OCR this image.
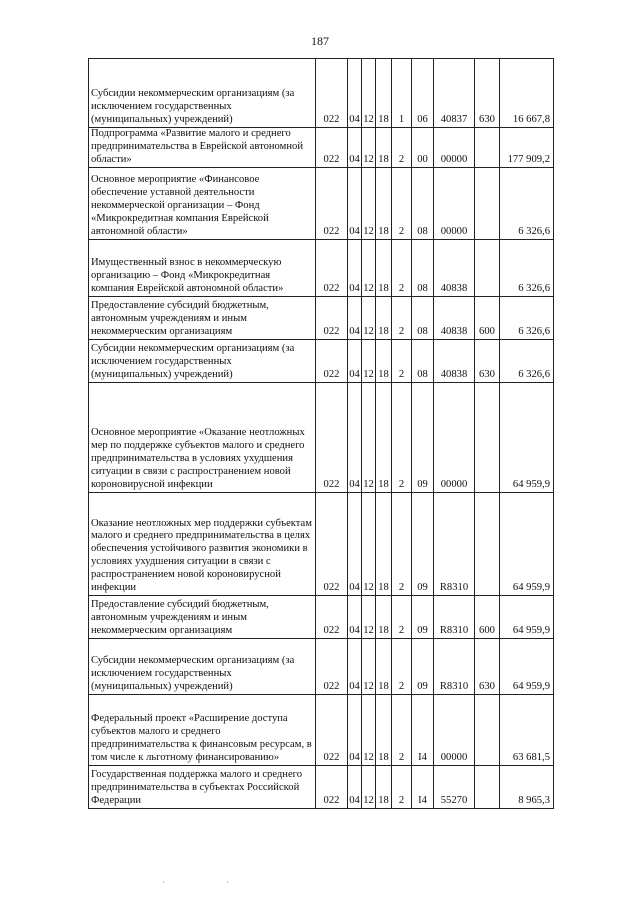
187
Субсидии некоммерческим организациям (за исключением государственных (муниципальных) учреждений)	022	04	12	18	1	06	40837	630	16 667,8
Подпрограмма «Развитие малого и среднего предпринимательства в Еврейской автономной области»	022	04	12	18	2	00	00000		177 909,2
Основное мероприятие «Финансовое обеспечение уставной деятельности некоммерческой организации – Фонд «Микрокредитная компания Еврейской автономной области»	022	04	12	18	2	08	00000		6 326,6
Имущественный взнос в некоммерческую организацию – Фонд «Микрокредитная компания Еврейской автономной области»	022	04	12	18	2	08	40838		6 326,6
Предоставление субсидий бюджетным, автономным учреждениям и иным некоммерческим организациям	022	04	12	18	2	08	40838	600	6 326,6
Субсидии некоммерческим организациям (за исключением государственных (муниципальных) учреждений)	022	04	12	18	2	08	40838	630	6 326,6
Основное мероприятие «Оказание неотложных мер по поддержке субъектов малого и среднего предпринимательства в условиях ухудшения ситуации в связи с распространением новой короновирусной инфекции	022	04	12	18	2	09	00000		64 959,9
Оказание неотложных мер поддержки субъектам малого и среднего предпринимательства в целях обеспечения устойчивого развития экономики в условиях ухудшения ситуации в связи с распространением новой короновирусной инфекции	022	04	12	18	2	09	R8310		64 959,9
Предоставление субсидий бюджетным, автономным учреждениям и иным некоммерческим организациям	022	04	12	18	2	09	R8310	600	64 959,9
Субсидии некоммерческим организациям (за исключением государственных (муниципальных) учреждений)	022	04	12	18	2	09	R8310	630	64 959,9
Федеральный проект «Расширение доступа субъектов малого и среднего предпринимательства к финансовым ресурсам, в том числе к льготному финансированию»	022	04	12	18	2	I4	00000		63 681,5
Государственная поддержка малого и среднего предпринимательства в субъектах Российской Федерации	022	04	12	18	2	I4	55270		8 965,3
·	·
